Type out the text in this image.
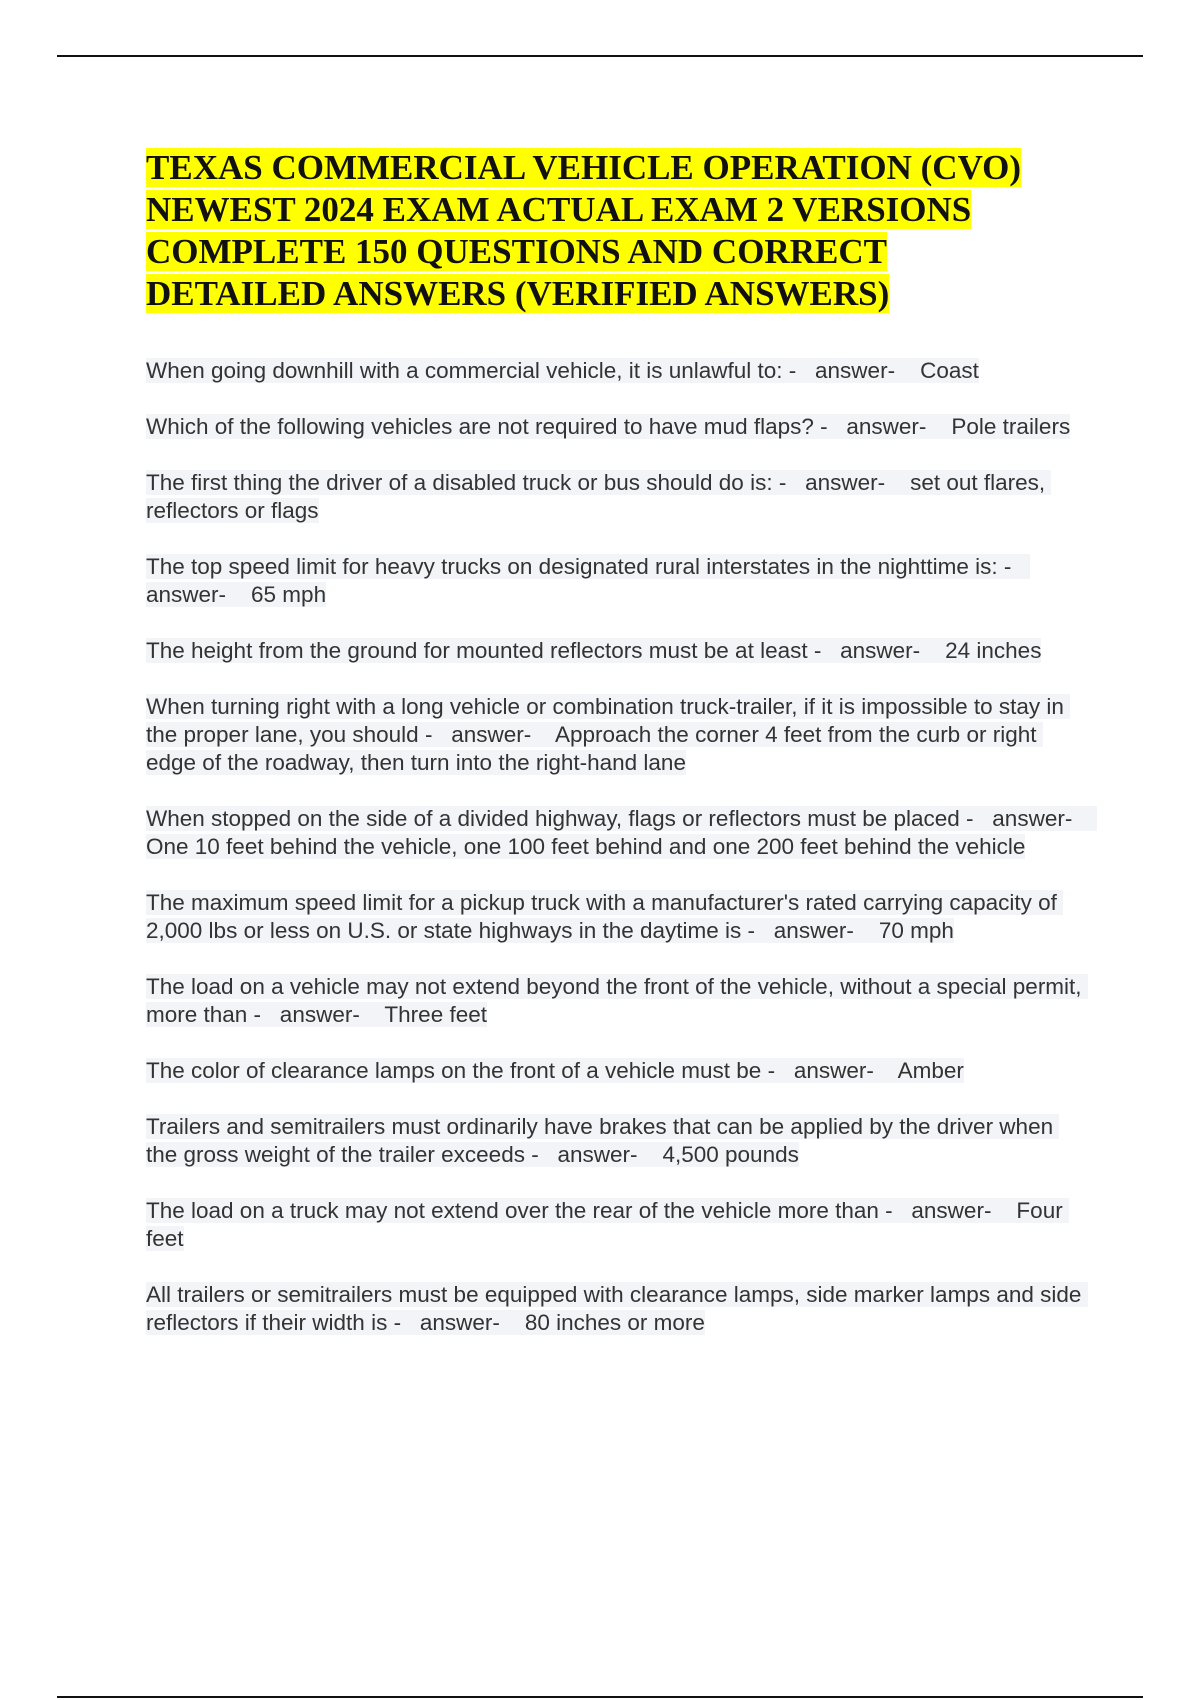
TEXAS COMMERCIAL VEHICLE OPERATION (CVO)
NEWEST 2024 EXAM ACTUAL EXAM 2 VERSIONS
COMPLETE 150 QUESTIONS AND CORRECT
DETAILED ANSWERS (VERIFIED ANSWERS)
When going downhill with a commercial vehicle, it is unlawful to: -   answer-    Coast
Which of the following vehicles are not required to have mud flaps? -   answer-    Pole trailers
The first thing the driver of a disabled truck or bus should do is: -   answer-    set out flares, reflectors or flags
The top speed limit for heavy trucks on designated rural interstates in the nighttime is: -   answer-    65 mph
The height from the ground for mounted reflectors must be at least -   answer-    24 inches
When turning right with a long vehicle or combination truck-trailer, if it is impossible to stay in the proper lane, you should -   answer-    Approach the corner 4 feet from the curb or right edge of the roadway, then turn into the right-hand lane
When stopped on the side of a divided highway, flags or reflectors must be placed -   answer-    One 10 feet behind the vehicle, one 100 feet behind and one 200 feet behind the vehicle
The maximum speed limit for a pickup truck with a manufacturer's rated carrying capacity of 2,000 lbs or less on U.S. or state highways in the daytime is -   answer-    70 mph
The load on a vehicle may not extend beyond the front of the vehicle, without a special permit, more than -   answer-    Three feet
The color of clearance lamps on the front of a vehicle must be -   answer-    Amber
Trailers and semitrailers must ordinarily have brakes that can be applied by the driver when the gross weight of the trailer exceeds -   answer-    4,500 pounds
The load on a truck may not extend over the rear of the vehicle more than -   answer-    Four feet
All trailers or semitrailers must be equipped with clearance lamps, side marker lamps and side reflectors if their width is -   answer-    80 inches or more
